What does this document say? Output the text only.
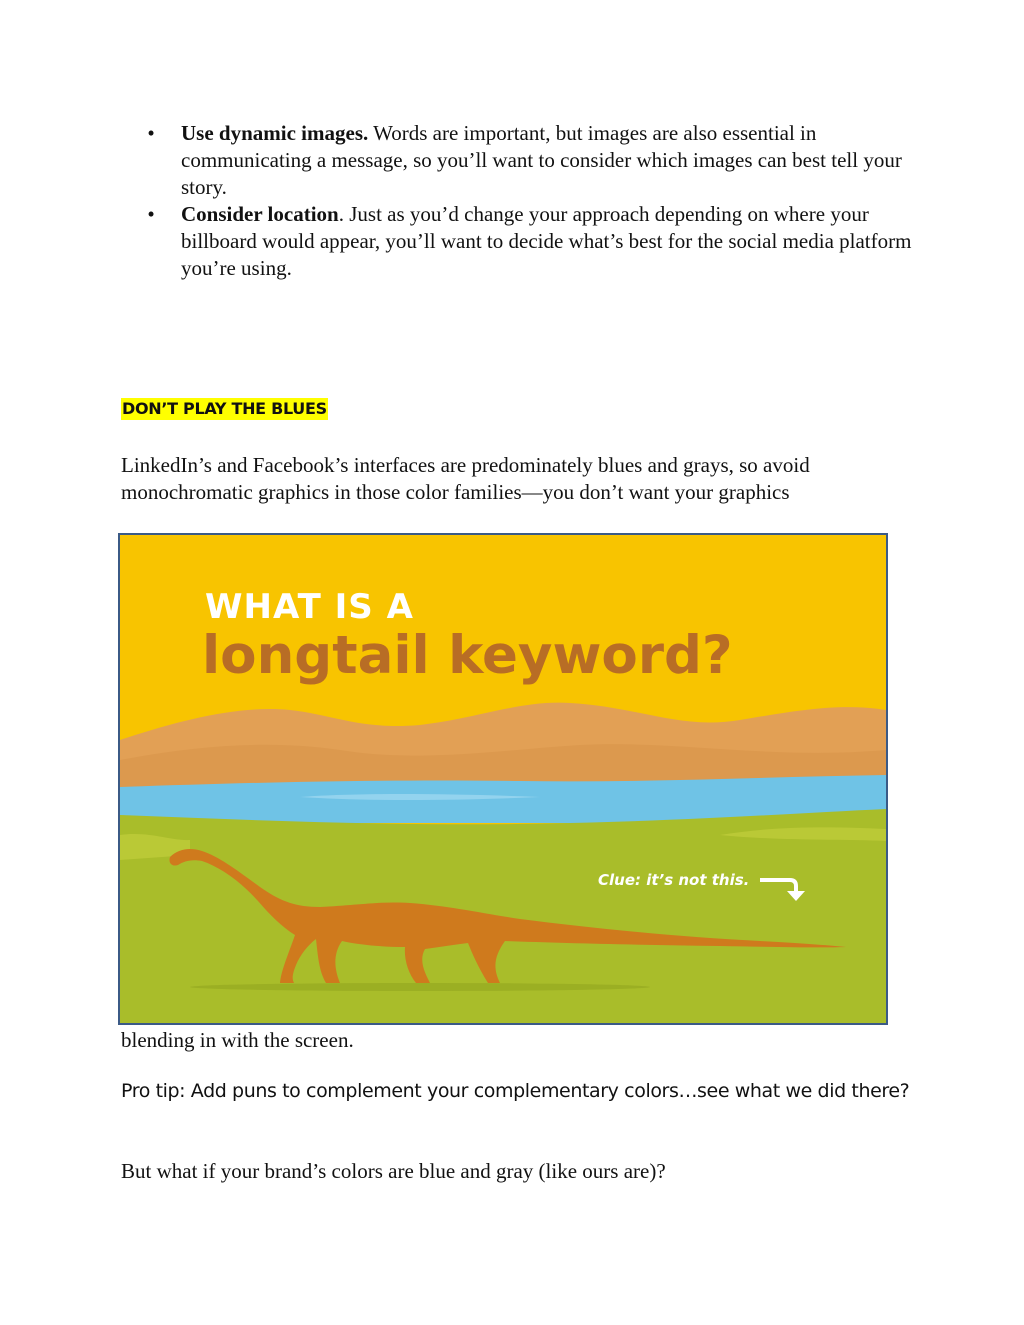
• Use dynamic images. Words are important, but images are also essential in communicating a message, so you’ll want to consider which images can best tell your story.
• Consider location. Just as you’d change your approach depending on where your billboard would appear, you’ll want to decide what’s best for the social media platform you’re using.
DON’T PLAY THE BLUES

LinkedIn’s and Facebook’s interfaces are predominately blues and grays, so avoid monochromatic graphics in those color families—you don’t want your graphics

WHAT IS A
longtail keyword?
Clue: it’s not this.

blending in with the screen.

Pro tip: Add puns to complement your complementary colors…see what we did there?

But what if your brand’s colors are blue and gray (like ours are)?
